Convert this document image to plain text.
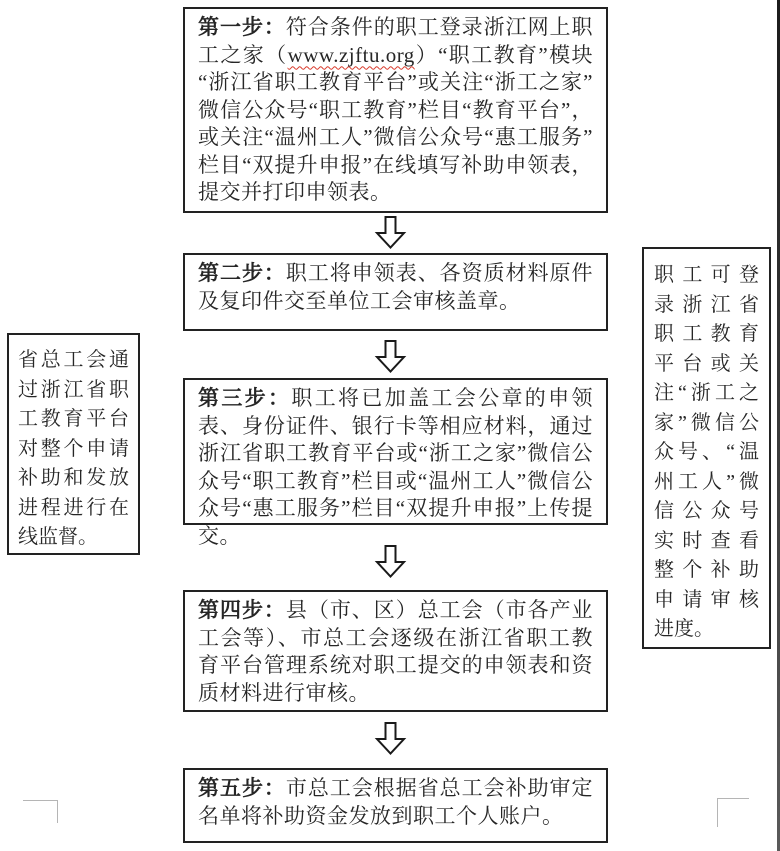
第一步：符合条件的职工登录浙江网上职工之家（www.zjftu.org）“职工教育”模块“浙江省职工教育平台”或关注“浙工之家”微信公众号“职工教育”栏目“教育平台”，或关注“温州工人”微信公众号“惠工服务”栏目“双提升申报”在线填写补助申领表，提交并打印申领表。

第二步：职工将申领表、各资质材料原件及复印件交至单位工会审核盖章。

第三步：职工将已加盖工会公章的申领表、身份证件、银行卡等相应材料，通过浙江省职工教育平台或“浙工之家”微信公众号“职工教育”栏目或“温州工人”微信公众号“惠工服务”栏目“双提升申报”上传提交。

第四步：县（市、区）总工会（市各产业工会等）、市总工会逐级在浙江省职工教育平台管理系统对职工提交的申领表和资质材料进行审核。

第五步：市总工会根据省总工会补助审定名单将补助资金发放到职工个人账户。

省总工会通
过浙江省职
工教育平台
对整个申请
补助和发放
进程进行在
线监督。
职工可登
录浙江省
职工教育
平台或关
注“浙工之
家”微信公
众号、“温
州工人”微
信公众号
实时查看
整个补助
申请审核
进度。
